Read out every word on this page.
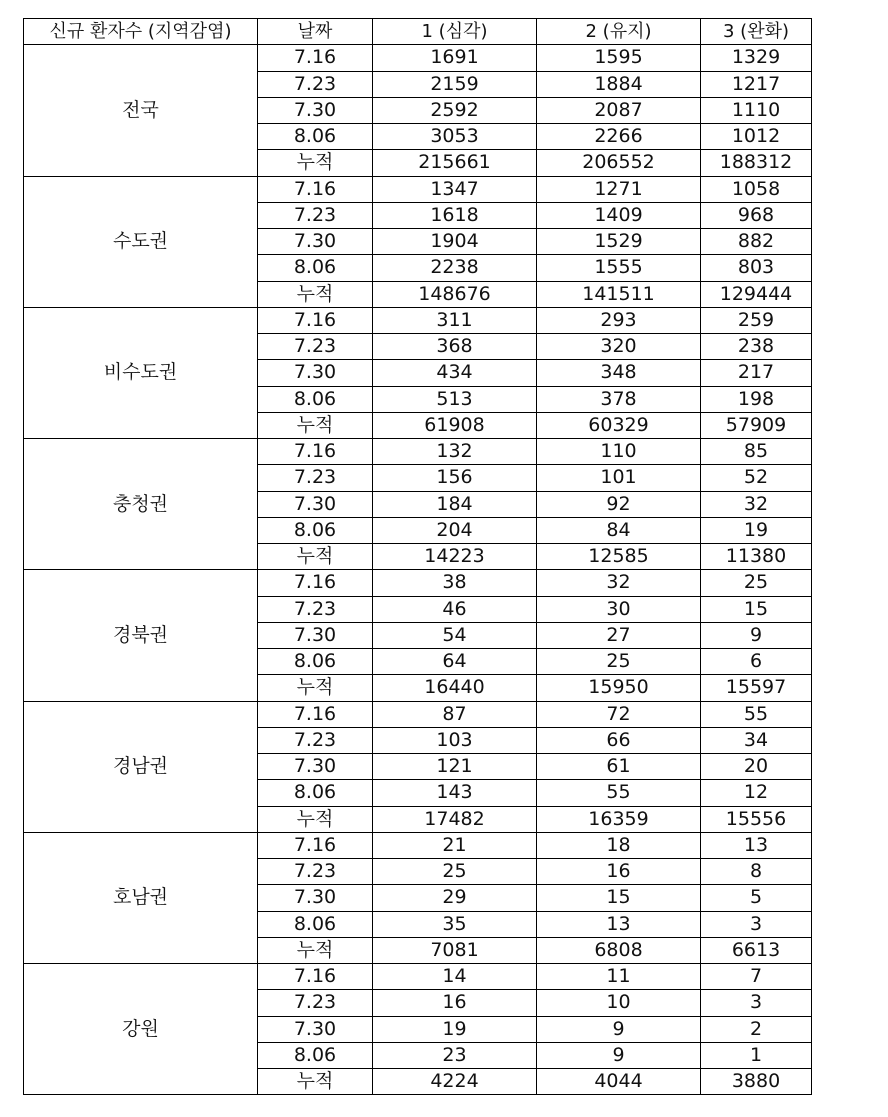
신규 환자수 (지역감염)	날짜	1 (심각)	2 (유지)	3 (완화)
전국	7.16	1691	1595	1329
	7.23	2159	1884	1217
	7.30	2592	2087	1110
	8.06	3053	2266	1012
	누적	215661	206552	188312
수도권	7.16	1347	1271	1058
	7.23	1618	1409	968
	7.30	1904	1529	882
	8.06	2238	1555	803
	누적	148676	141511	129444
비수도권	7.16	311	293	259
	7.23	368	320	238
	7.30	434	348	217
	8.06	513	378	198
	누적	61908	60329	57909
충청권	7.16	132	110	85
	7.23	156	101	52
	7.30	184	92	32
	8.06	204	84	19
	누적	14223	12585	11380
경북권	7.16	38	32	25
	7.23	46	30	15
	7.30	54	27	9
	8.06	64	25	6
	누적	16440	15950	15597
경남권	7.16	87	72	55
	7.23	103	66	34
	7.30	121	61	20
	8.06	143	55	12
	누적	17482	16359	15556
호남권	7.16	21	18	13
	7.23	25	16	8
	7.30	29	15	5
	8.06	35	13	3
	누적	7081	6808	6613
강원	7.16	14	11	7
	7.23	16	10	3
	7.30	19	9	2
	8.06	23	9	1
	누적	4224	4044	3880
